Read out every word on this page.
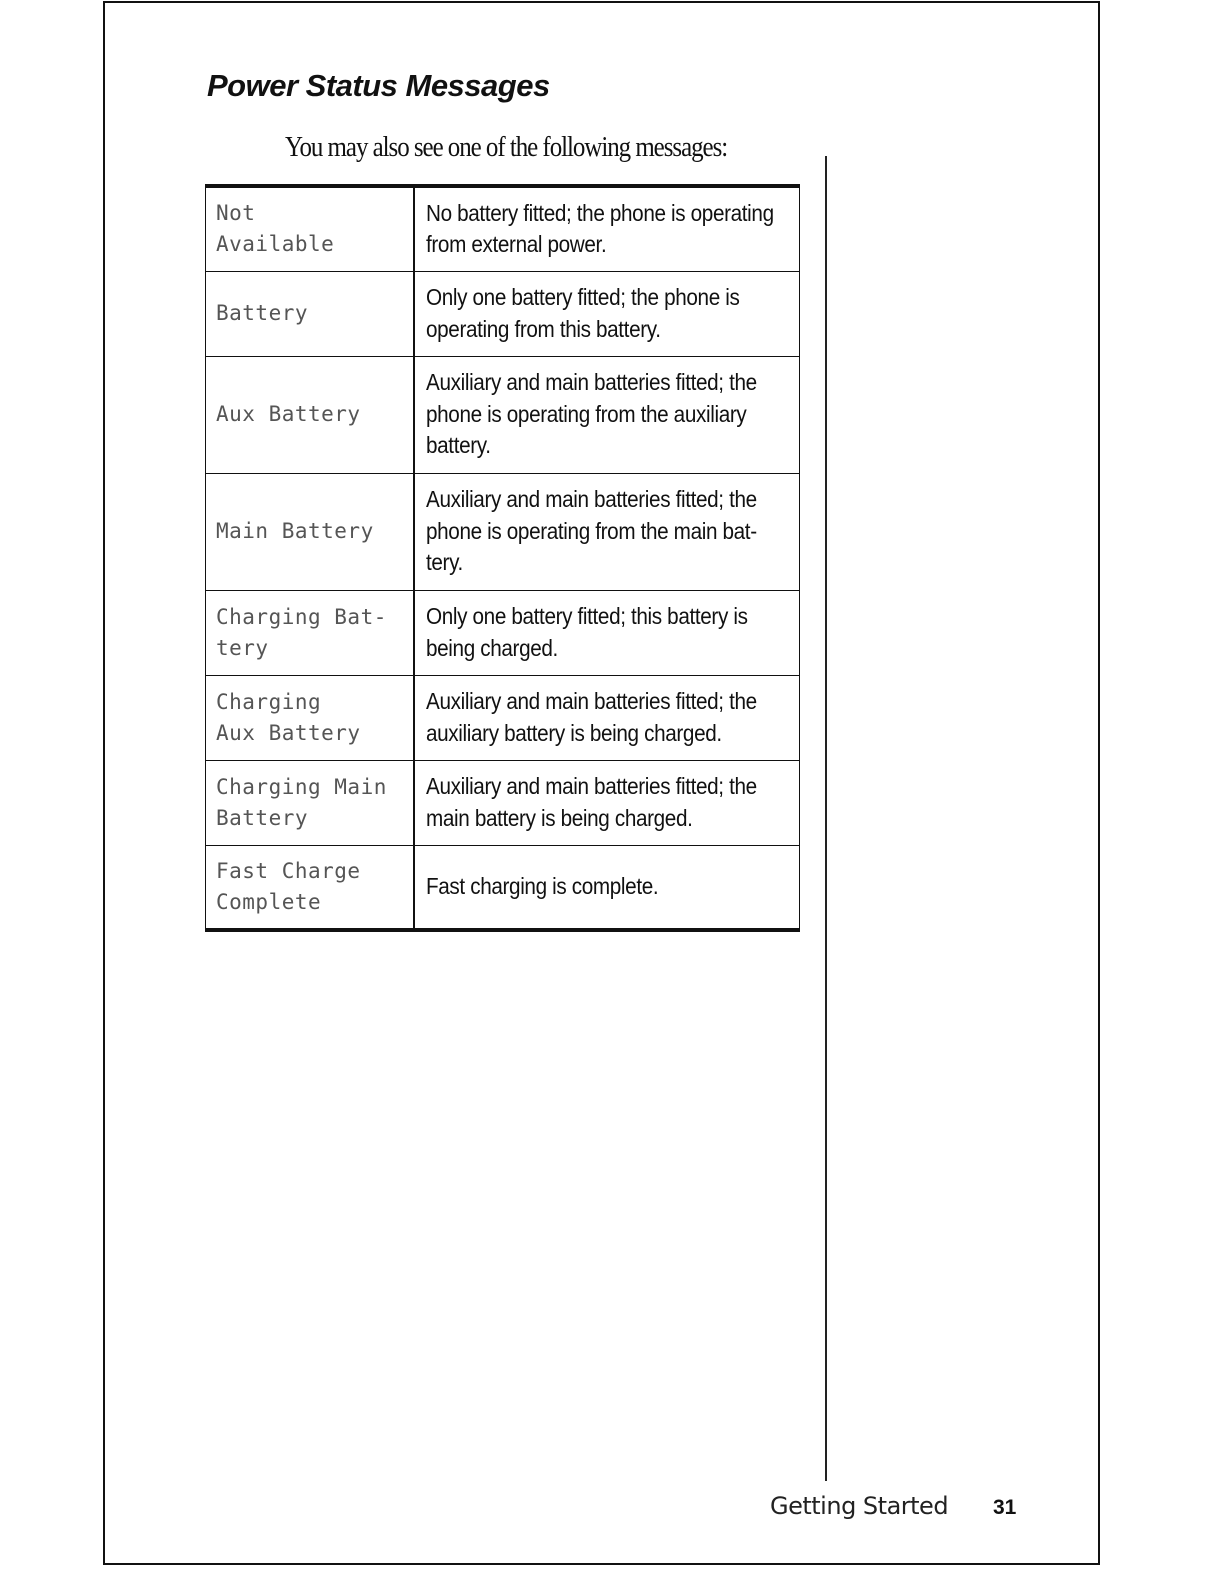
Power Status Messages

You may also see one of the following messages:

Not
Available	No battery fitted; the phone is operating from external power.
Battery	Only one battery fitted; the phone is operating from this battery.
Aux Battery	Auxiliary and main batteries fitted; the phone is operating from the auxiliary battery.
Main Battery	Auxiliary and main batteries fitted; the phone is operating from the main bat-tery.
Charging Bat-
tery	Only one battery fitted; this battery is being charged.
Charging
Aux Battery	Auxiliary and main batteries fitted; the auxiliary battery is being charged.
Charging Main
Battery	Auxiliary and main batteries fitted; the main battery is being charged.
Fast Charge
Complete	Fast charging is complete.
Getting Started 31
